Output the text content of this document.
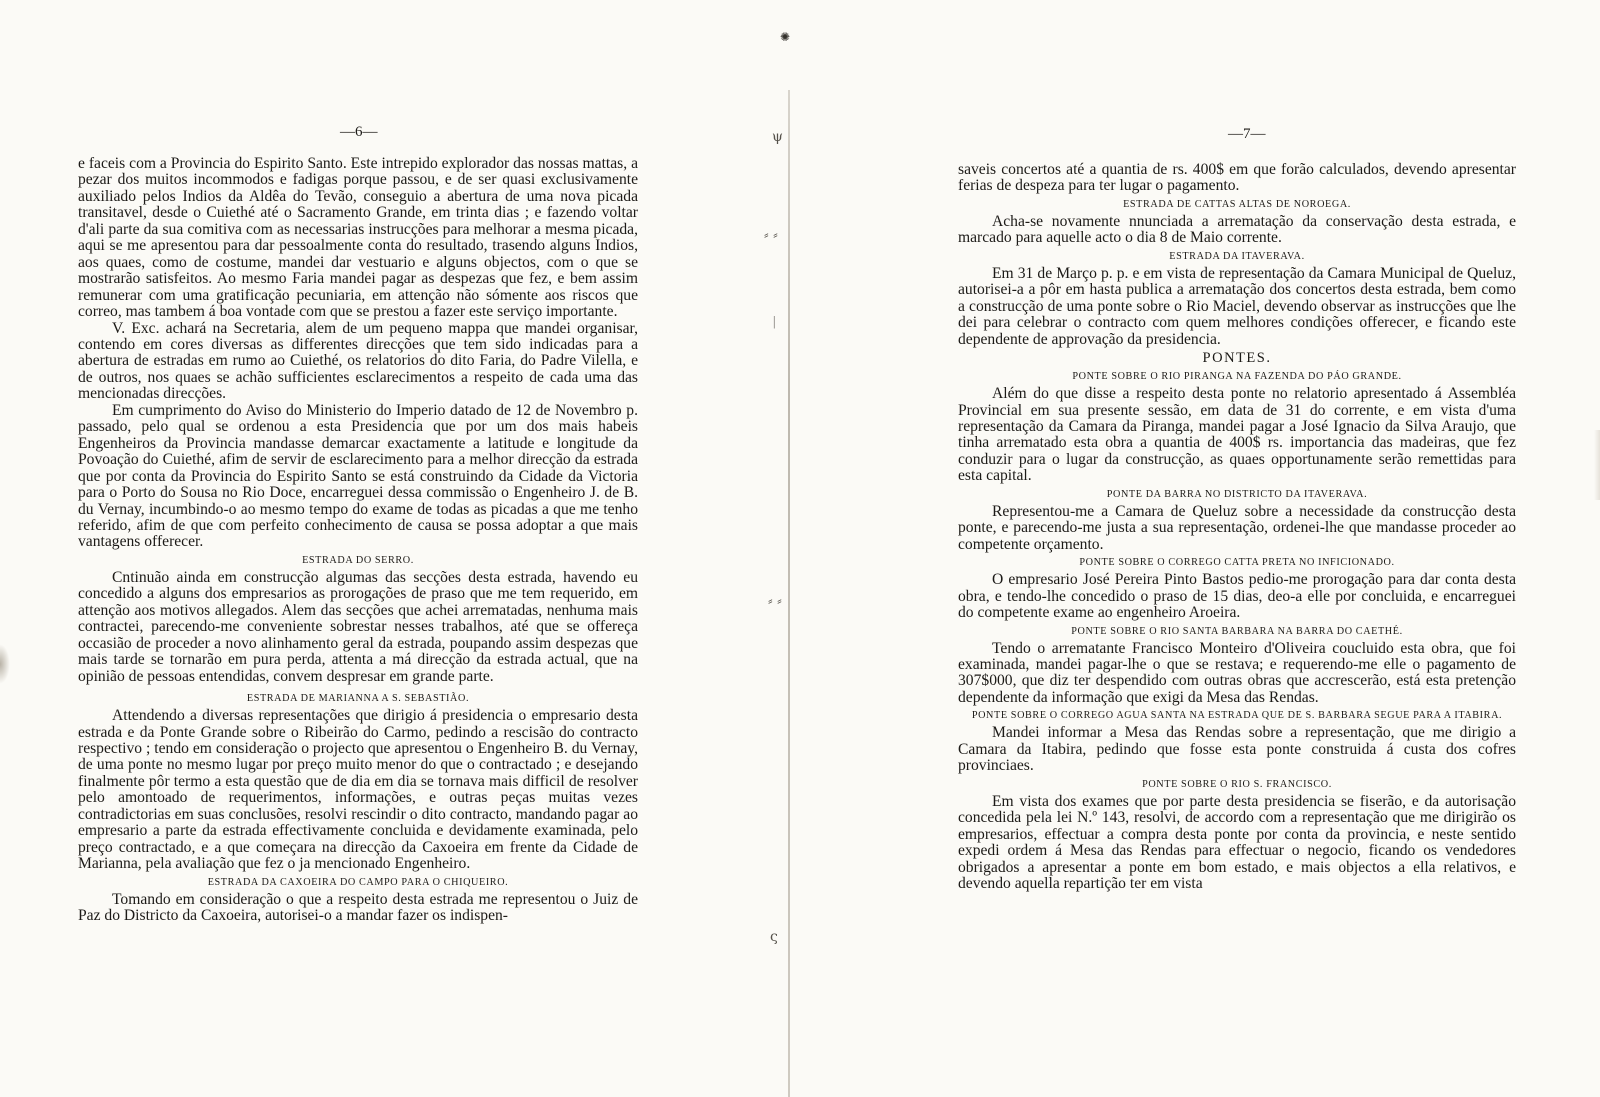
—6—

e faceis com a Provincia do Espirito Santo. Este intrepido explorador das nossas mattas, a pezar dos muitos incommodos e fadigas porque passou, e de ser quasi exclusivamente auxiliado pelos Indios da Aldêa do Tevão, conseguio a abertura de uma nova picada transitavel, desde o Cuiethé até o Sacramento Grande, em trinta dias ; e fazendo voltar d'ali parte da sua comitiva com as necessarias instrucções para melhorar a mesma picada, aqui se me apresentou para dar pessoalmente conta do resultado, trasendo alguns Indios, aos quaes, como de costume, mandei dar vestuario e alguns objectos, com o que se mostrarão satisfeitos. Ao mesmo Faria mandei pagar as despezas que fez, e bem assim remunerar com uma gratificação pecuniaria, em attenção não sómente aos riscos que correo, mas tambem á boa vontade com que se prestou a fazer este serviço importante.

V. Exc. achará na Secretaria, alem de um pequeno mappa que mandei organisar, contendo em cores diversas as differentes direcções que tem sido indicadas para a abertura de estradas em rumo ao Cuiethé, os relatorios do dito Faria, do Padre Vilella, e de outros, nos quaes se achão sufficientes esclarecimentos a respeito de cada uma das mencionadas direcções.

Em cumprimento do Aviso do Ministerio do Imperio datado de 12 de Novembro p. passado, pelo qual se ordenou a esta Presidencia que por um dos mais habeis Engenheiros da Provincia mandasse demarcar exactamente a latitude e longitude da Povoação do Cuiethé, afim de servir de esclarecimento para a melhor direcção da estrada que por conta da Provincia do Espirito Santo se está construindo da Cidade da Victoria para o Porto do Sousa no Rio Doce, encarreguei dessa commissão o Engenheiro J. de B. du Vernay, incumbindo-o ao mesmo tempo do exame de todas as picadas a que me tenho referido, afim de que com perfeito conhecimento de causa se possa adoptar a que mais vantagens offerecer.

ESTRADA DO SERRO.

Cntinuão ainda em construcção algumas das secções desta estrada, havendo eu concedido a alguns dos empresarios as prorogações de praso que me tem requerido, em attenção aos motivos allegados. Alem das secções que achei arrematadas, nenhuma mais contractei, parecendo-me conveniente sobrestar nesses trabalhos, até que se offereça occasião de proceder a novo alinhamento geral da estrada, poupando assim despezas que mais tarde se tornarão em pura perda, attenta a má direcção da estrada actual, que na opinião de pessoas entendidas, convem despresar em grande parte.

ESTRADA DE MARIANNA A S. SEBASTIÃO.

Attendendo a diversas representações que dirigio á presidencia o empresario desta estrada e da Ponte Grande sobre o Ribeirão do Carmo, pedindo a rescisão do contracto respectivo ; tendo em consideração o projecto que apresentou o Engenheiro B. du Vernay, de uma ponte no mesmo lugar por preço muito menor do que o contractado ; e desejando finalmente pôr termo a esta questão que de dia em dia se tornava mais difficil de resolver pelo amontoado de requerimentos, informações, e outras peças muitas vezes contradictorias em suas conclusões, resolvi rescindir o dito contracto, mandando pagar ao empresario a parte da estrada effectivamente concluida e devidamente examinada, pelo preço contractado, e a que começara na direcção da Caxoeira em frente da Cidade de Marianna, pela avaliação que fez o ja mencionado Engenheiro.

ESTRADA DA CAXOEIRA DO CAMPO PARA O CHIQUEIRO.

Tomando em consideração o que a respeito desta estrada me representou o Juiz de Paz do Districto da Caxoeira, autorisei-o a mandar fazer os indispen-

—7—

saveis concertos até a quantia de rs. 400$ em que forão calculados, devendo apresentar ferias de despeza para ter lugar o pagamento.

ESTRADA DE CATTAS ALTAS DE NOROEGA.

Acha-se novamente nnunciada a arrematação da conservação desta estrada, e marcado para aquelle acto o dia 8 de Maio corrente.

ESTRADA DA ITAVERAVA.

Em 31 de Março p. p. e em vista de representação da Camara Municipal de Queluz, autorisei-a a pôr em hasta publica a arrematação dos concertos desta estrada, bem como a construcção de uma ponte sobre o Rio Maciel, devendo observar as instrucções que lhe dei para celebrar o contracto com quem melhores condições offerecer, e ficando este dependente de approvação da presidencia.

PONTES.
PONTE SOBRE O RIO PIRANGA NA FAZENDA DO PÁO GRANDE.

Além do que disse a respeito desta ponte no relatorio apresentado á Assembléa Provincial em sua presente sessão, em data de 31 do corrente, e em vista d'uma representação da Camara da Piranga, mandei pagar a José Ignacio da Silva Araujo, que tinha arrematado esta obra a quantia de 400$ rs. importancia das madeiras, que fez conduzir para o lugar da construcção, as quaes opportunamente serão remettidas para esta capital.

PONTE DA BARRA NO DISTRICTO DA ITAVERAVA.

Representou-me a Camara de Queluz sobre a necessidade da construcção desta ponte, e parecendo-me justa a sua representação, ordenei-lhe que mandasse proceder ao competente orçamento.

PONTE SOBRE O CORREGO CATTA PRETA NO INFICIONADO.

O empresario José Pereira Pinto Bastos pedio-me prorogação para dar conta desta obra, e tendo-lhe concedido o praso de 15 dias, deo-a elle por concluida, e encarreguei do competente exame ao engenheiro Aroeira.

PONTE SOBRE O RIO SANTA BARBARA NA BARRA DO CAETHÉ.

Tendo o arrematante Francisco Monteiro d'Oliveira coucluido esta obra, que foi examinada, mandei pagar-lhe o que se restava; e requerendo-me elle o pagamento de 307$000, que diz ter despendido com outras obras que accrescerão, está esta pretenção dependente da informação que exigi da Mesa das Rendas.

PONTE SOBRE O CORREGO AGUA SANTA NA ESTRADA QUE DE S. BARBARA SEGUE PARA A ITABIRA.

Mandei informar a Mesa das Rendas sobre a representação, que me dirigio a Camara da Itabira, pedindo que fosse esta ponte construida á custa dos cofres provinciaes.

PONTE SOBRE O RIO S. FRANCISCO.

Em vista dos exames que por parte desta presidencia se fiserão, e da autorisação concedida pela lei N.º 143, resolvi, de accordo com a representação que me dirigirão os empresarios, effectuar a compra desta ponte por conta da provincia, e neste sentido expedi ordem á Mesa das Rendas para effectuar o negocio, ficando os vendedores obrigados a apresentar a ponte em bom estado, e mais objectos a ella relativos, e devendo aquella repartição ter em vista

✺
ψ
⸗ ⸗
ᛁ
⸗ ⸗
ς
